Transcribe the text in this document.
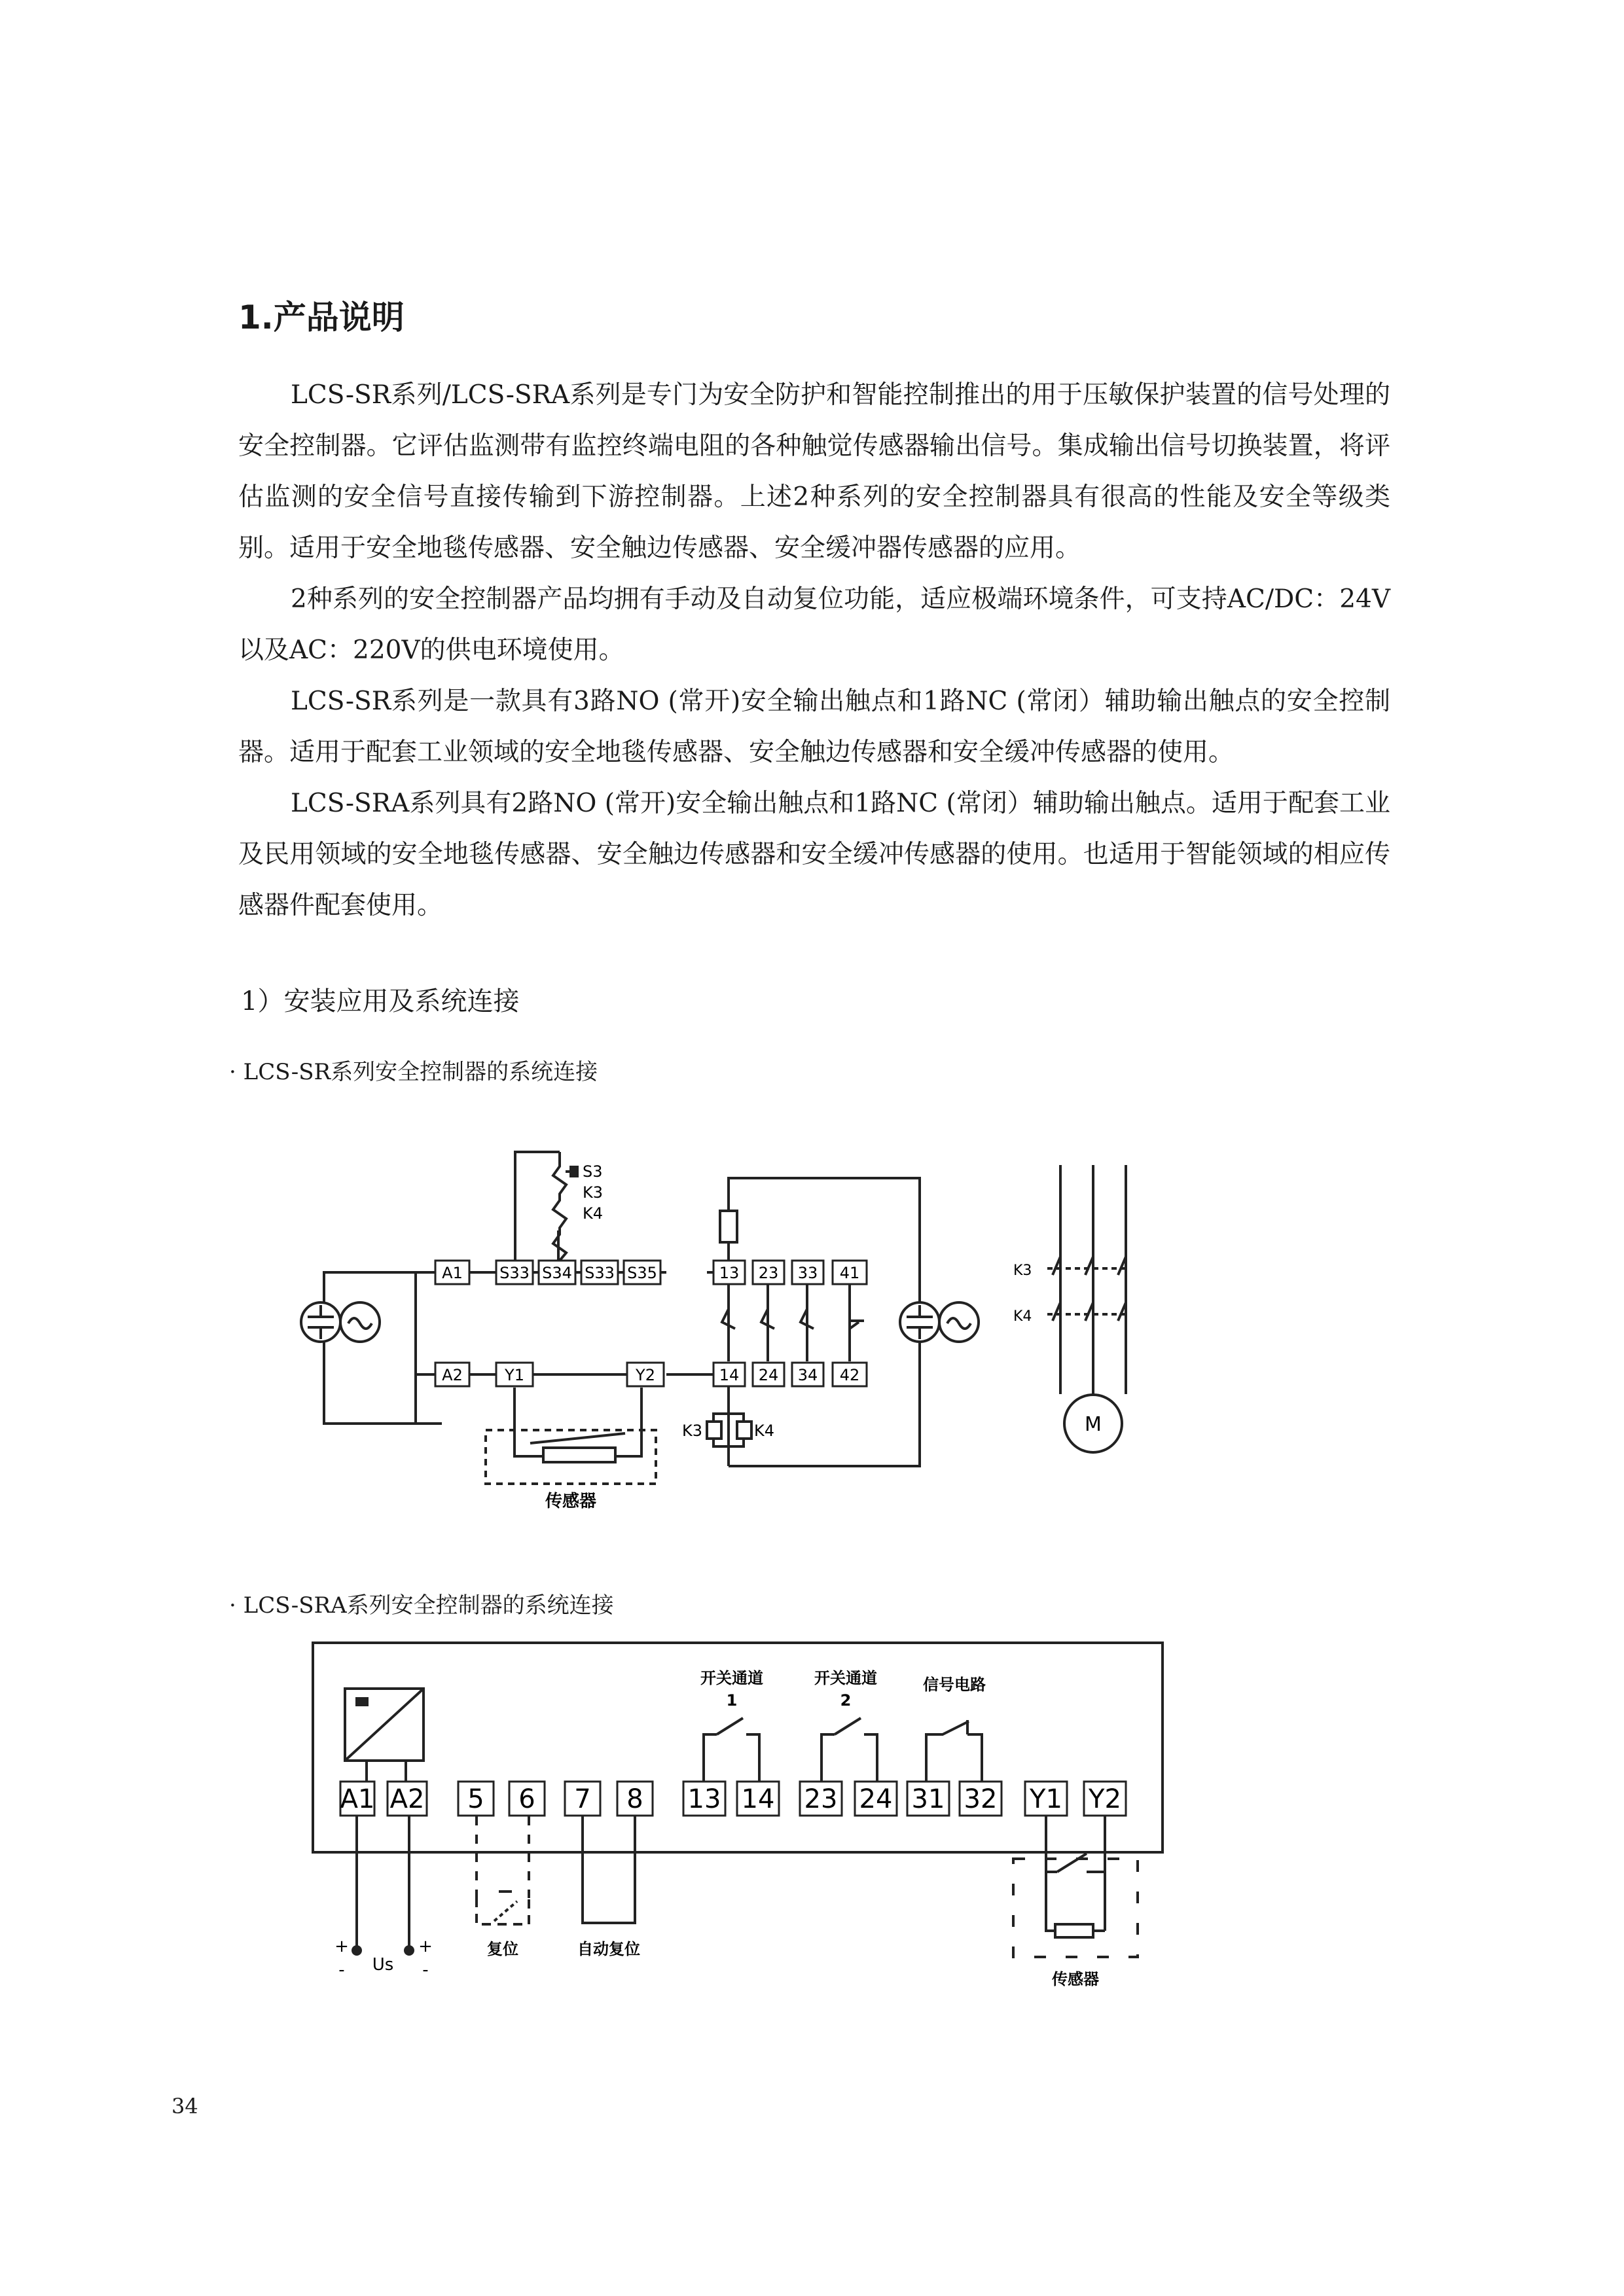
1.产品说明
LCS-SR系列/LCS-SRA系列是专门为安全防护和智能控制推出的用于压敏保护装置的信号处理的安全控制器。它评估监测带有监控终端电阻的各种触觉传感器输出信号。集成输出信号切换装置，将评估监测的安全信号直接传输到下游控制器。上述2种系列的安全控制器具有很高的性能及安全等级类别。适用于安全地毯传感器、安全触边传感器、安全缓冲器传感器的应用。
2种系列的安全控制器产品均拥有手动及自动复位功能，适应极端环境条件，可支持AC/DC：24V以及AC：220V的供电环境使用。
LCS-SR系列是一款具有3路NO (常开)安全输出触点和1路NC (常闭）辅助输出触点的安全控制器。适用于配套工业领域的安全地毯传感器、安全触边传感器和安全缓冲传感器的使用。
LCS-SRA系列具有2路NO (常开)安全输出触点和1路NC (常闭）辅助输出触点。适用于配套工业及民用领域的安全地毯传感器、安全触边传感器和安全缓冲传感器的使用。也适用于智能领域的相应传感器件配套使用。
1）安装应用及系统连接
· LCS-SR系列安全控制器的系统连接
S3
K3
K4
A1 S33 S34 S33 S35	13 23 33 41
A2	Y1	Y2	14 24 34 42
K3	K4
K3
K4
M
传感器
· LCS-SRA系列安全控制器的系统连接
A1 A2 5 6 7 8 13 14 23 24 31 32 Y1 Y2
开关通道
1
开关通道
2
信号电路
复位	自动复位
传感器
+
- Us
+
-
34
